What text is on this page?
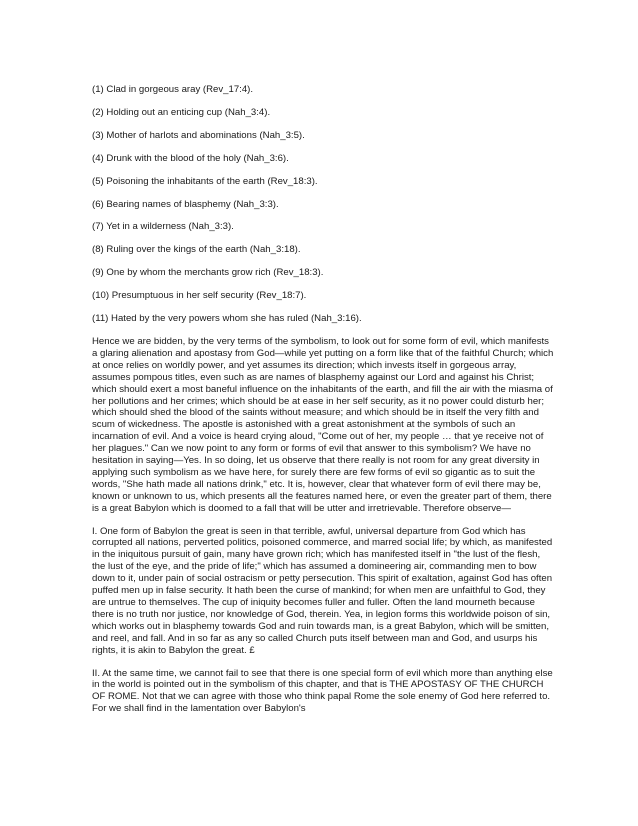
(1) Clad in gorgeous aray (Rev_17:4).
(2) Holding out an enticing cup (Nah_3:4).
(3) Mother of harlots and abominations (Nah_3:5).
(4) Drunk with the blood of the holy (Nah_3:6).
(5) Poisoning the inhabitants of the earth (Rev_18:3).
(6) Bearing names of blasphemy (Nah_3:3).
(7) Yet in a wilderness (Nah_3:3).
(8) Ruling over the kings of the earth (Nah_3:18).
(9) One by whom the merchants grow rich (Rev_18:3).
(10) Presumptuous in her self security (Rev_18:7).
(11) Hated by the very powers whom she has ruled (Nah_3:16).

Hence we are bidden, by the very terms of the symbolism, to look out for some form of evil, which manifests a glaring alienation and apostasy from God—while yet putting on a form like that of the faithful Church; which at once relies on worldly power, and yet assumes its direction; which invests itself in gorgeous array, assumes pompous titles, even such as are names of blasphemy against our Lord and against his Christ; which should exert a most baneful influence on the inhabitants of the earth, and fill the air with the miasma of her pollutions and her crimes; which should be at ease in her self security, as it no power could disturb her; which should shed the blood of the saints without measure; and which should be in itself the very filth and scum of wickedness. The apostle is astonished with a great astonishment at the symbols of such an incarnation of evil. And a voice is heard crying aloud, "Come out of her, my people … that ye receive not of her plagues." Can we now point to any form or forms of evil that answer to this symbolism? We have no hesitation in saying—Yes. In so doing, let us observe that there really is not room for any great diversity in applying such symbolism as we have here, for surely there are few forms of evil so gigantic as to suit the words, "She hath made all nations drink," etc. It is, however, clear that whatever form of evil there may be, known or unknown to us, which presents all the features named here, or even the greater part of them, there is a great Babylon which is doomed to a fall that will be utter and irretrievable. Therefore observe—

I. One form of Babylon the great is seen in that terrible, awful, universal departure from God which has corrupted all nations, perverted politics, poisoned commerce, and marred social life; by which, as manifested in the iniquitous pursuit of gain, many have grown rich; which has manifested itself in "the lust of the flesh, the lust of the eye, and the pride of life;" which has assumed a domineering air, commanding men to bow down to it, under pain of social ostracism or petty persecution. This spirit of exaltation, against God has often puffed men up in false security. It hath been the curse of mankind; for when men are unfaithful to God, they are untrue to themselves. The cup of iniquity becomes fuller and fuller. Often the land mourneth because there is no truth nor justice, nor knowledge of God, therein. Yea, in legion forms this worldwide poison of sin, which works out in blasphemy towards God and ruin towards man, is a great Babylon, which will be smitten, and reel, and fall. And in so far as any so called Church puts itself between man and God, and usurps his rights, it is akin to Babylon the great. £

II. At the same time, we cannot fail to see that there is one special form of evil which more than anything else in the world is pointed out in the symbolism of this chapter, and that is THE APOSTASY OF THE CHURCH OF ROME. Not that we can agree with those who think papal Rome the sole enemy of God here referred to. For we shall find in the lamentation over Babylon's
